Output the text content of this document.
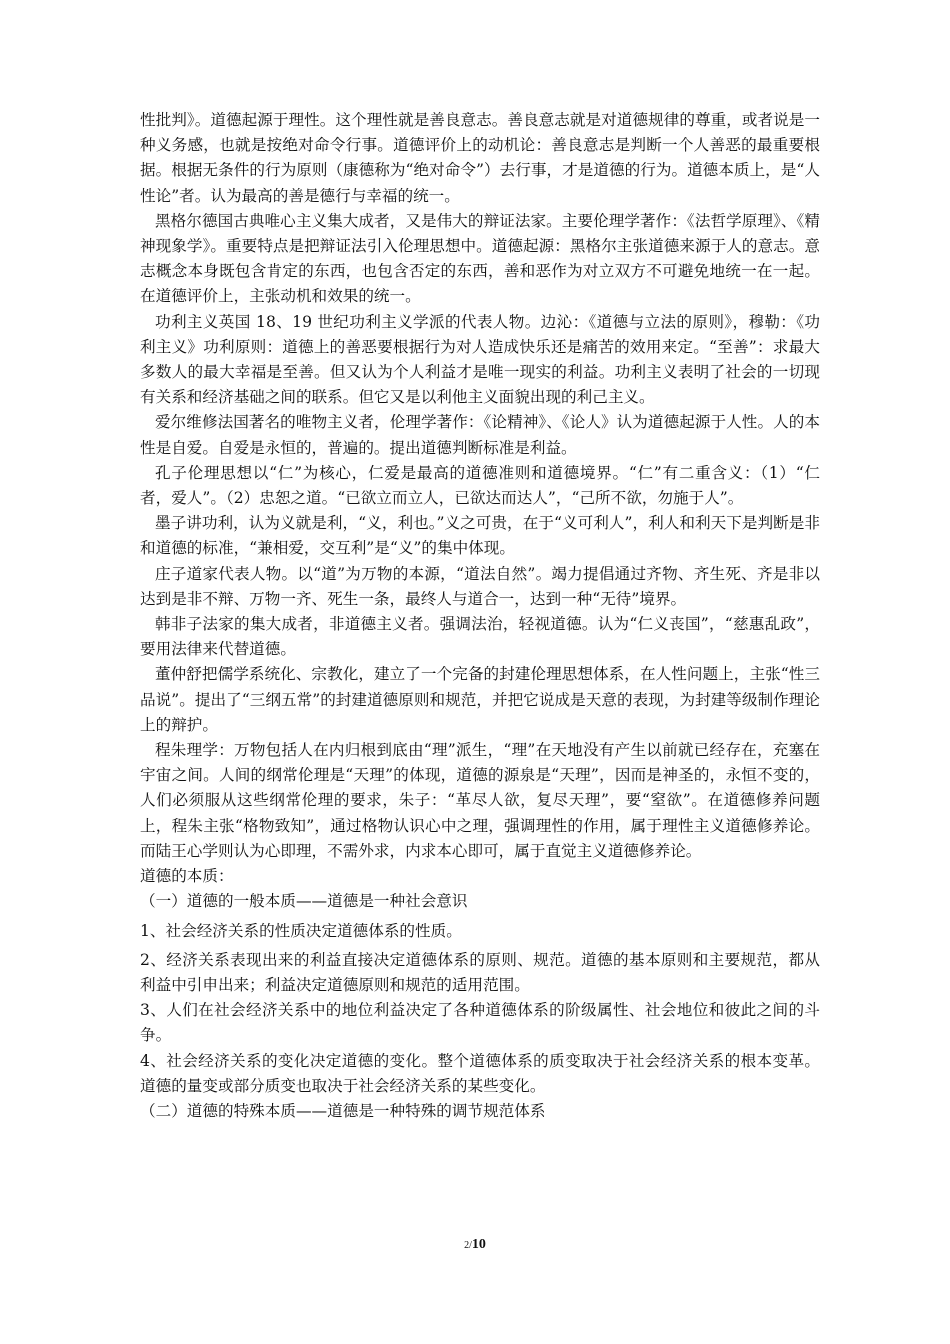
性批判》。道德起源于理性。这个理性就是善良意志。善良意志就是对道德规律的尊重，或者说是一种义务感，也就是按绝对命令行事。道德评价上的动机论：善良意志是判断一个人善恶的最重要根据。根据无条件的行为原则（康德称为“绝对命令”）去行事，才是道德的行为。道德本质上，是“人性论”者。认为最高的善是德行与幸福的统一。

黑格尔德国古典唯心主义集大成者，又是伟大的辩证法家。主要伦理学著作：《法哲学原理》、《精神现象学》。重要特点是把辩证法引入伦理思想中。道德起源：黑格尔主张道德来源于人的意志。意志概念本身既包含肯定的东西，也包含否定的东西，善和恶作为对立双方不可避免地统一在一起。在道德评价上，主张动机和效果的统一。

功利主义英国 18、19 世纪功利主义学派的代表人物。边沁：《道德与立法的原则》，穆勒：《功利主义》功利原则：道德上的善恶要根据行为对人造成快乐还是痛苦的效用来定。“至善”：求最大多数人的最大幸福是至善。但又认为个人利益才是唯一现实的利益。功利主义表明了社会的一切现有关系和经济基础之间的联系。但它又是以利他主义面貌出现的利己主义。

爱尔维修法国著名的唯物主义者，伦理学著作：《论精神》、《论人》认为道德起源于人性。人的本性是自爱。自爱是永恒的，普遍的。提出道德判断标准是利益。

孔子伦理思想以“仁”为核心，仁爱是最高的道德准则和道德境界。“仁”有二重含义：（1）“仁者，爱人”。（2）忠恕之道。“已欲立而立人，已欲达而达人”，“己所不欲，勿施于人”。

墨子讲功利，认为义就是利，“义，利也。”义之可贵，在于“义可利人”，利人和利天下是判断是非和道德的标准，“兼相爱，交互利”是“义”的集中体现。

庄子道家代表人物。以“道”为万物的本源，“道法自然”。竭力提倡通过齐物、齐生死、齐是非以达到是非不辩、万物一齐、死生一条，最终人与道合一，达到一种“无待”境界。

韩非子法家的集大成者，非道德主义者。强调法治，轻视道德。认为“仁义丧国”，“慈惠乱政”，要用法律来代替道德。

董仲舒把儒学系统化、宗教化，建立了一个完备的封建伦理思想体系，在人性问题上，主张“性三品说”。提出了“三纲五常”的封建道德原则和规范，并把它说成是天意的表现，为封建等级制作理论上的辩护。

程朱理学：万物包括人在内归根到底由“理”派生，“理”在天地没有产生以前就已经存在，充塞在宇宙之间。人间的纲常伦理是“天理”的体现，道德的源泉是“天理”，因而是神圣的，永恒不变的，人们必须服从这些纲常伦理的要求，朱子：“革尽人欲，复尽天理”，要“窒欲”。在道德修养问题上，程朱主张“格物致知”，通过格物认识心中之理，强调理性的作用，属于理性主义道德修养论。而陆王心学则认为心即理，不需外求，内求本心即可，属于直觉主义道德修养论。

道德的本质：

（一）道德的一般本质——道德是一种社会意识

1、社会经济关系的性质决定道德体系的性质。

2、经济关系表现出来的利益直接决定道德体系的原则、规范。道德的基本原则和主要规范，都从利益中引申出来；利益决定道德原则和规范的适用范围。

3、人们在社会经济关系中的地位利益决定了各种道德体系的阶级属性、社会地位和彼此之间的斗争。

4、社会经济关系的变化决定道德的变化。整个道德体系的质变取决于社会经济关系的根本变革。道德的量变或部分质变也取决于社会经济关系的某些变化。

（二）道德的特殊本质——道德是一种特殊的调节规范体系

2/10
